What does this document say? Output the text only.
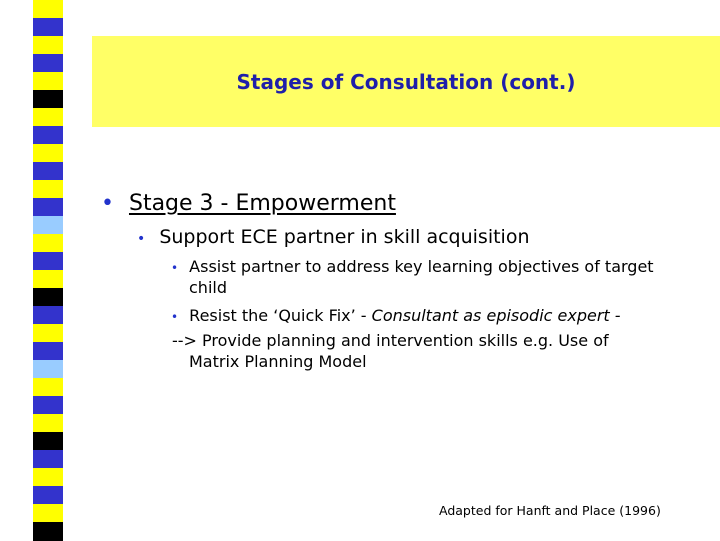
Stages of Consultation (cont.)
• Stage 3 - Empowerment
• Support ECE partner in skill acquisition
• Assist partner to address key learning objectives of target
child
• Resist the ‘Quick Fix’ - Consultant as episodic expert -
--> Provide planning and intervention skills e.g. Use of
Matrix Planning Model
Adapted for Hanft and Place (1996)
